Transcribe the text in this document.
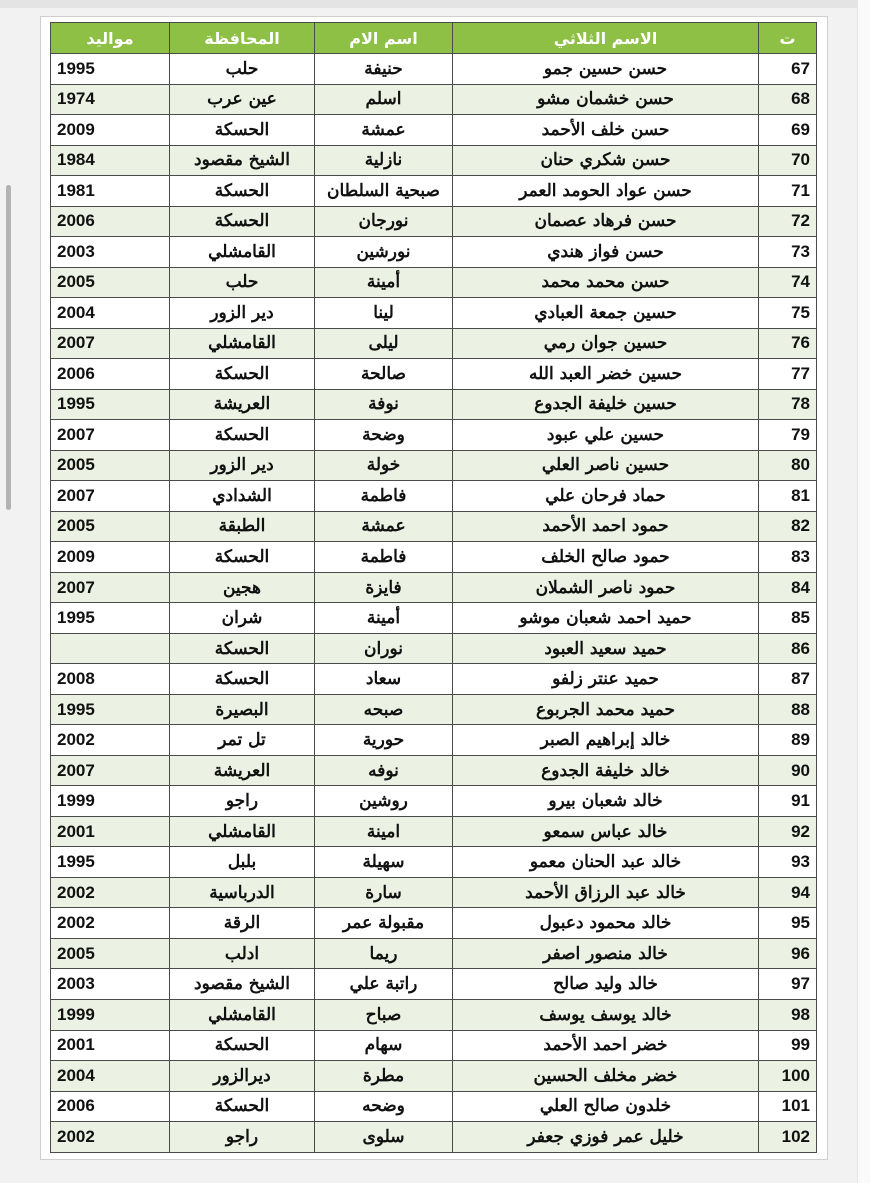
ت	الاسم الثلاثي	اسم الام	المحافظة	مواليد
67	حسن حسين جمو	حنيفة	حلب	1995
68	حسن خشمان مشو	اسلم	عين عرب	1974
69	حسن خلف الأحمد	عمشة	الحسكة	2009
70	حسن شكري حنان	نازلية	الشيخ مقصود	1984
71	حسن عواد الحومد العمر	صبحية السلطان	الحسكة	1981
72	حسن فرهاد عصمان	نورجان	الحسكة	2006
73	حسن فواز هندي	نورشين	القامشلي	2003
74	حسن محمد محمد	أمينة	حلب	2005
75	حسين جمعة العبادي	لينا	دير الزور	2004
76	حسين جوان رمي	ليلى	القامشلي	2007
77	حسين خضر العبد الله	صالحة	الحسكة	2006
78	حسين خليفة الجدوع	نوفة	العريشة	1995
79	حسين علي عبود	وضحة	الحسكة	2007
80	حسين ناصر العلي	خولة	دير الزور	2005
81	حماد فرحان علي	فاطمة	الشدادي	2007
82	حمود احمد الأحمد	عمشة	الطبقة	2005
83	حمود صالح الخلف	فاطمة	الحسكة	2009
84	حمود ناصر الشملان	فايزة	هجين	2007
85	حميد احمد شعبان موشو	أمينة	شران	1995
86	حميد سعيد العبود	نوران	الحسكة	
87	حميد عنتر زلفو	سعاد	الحسكة	2008
88	حميد محمد الجربوع	صبحه	البصيرة	1995
89	خالد إبراهيم الصبر	حورية	تل تمر	2002
90	خالد خليفة الجدوع	نوفه	العريشة	2007
91	خالد شعبان بيرو	روشين	راجو	1999
92	خالد عباس سمعو	امينة	القامشلي	2001
93	خالد عبد الحنان معمو	سهيلة	بلبل	1995
94	خالد عبد الرزاق الأحمد	سارة	الدرباسية	2002
95	خالد محمود دعبول	مقبولة عمر	الرقة	2002
96	خالد منصور اصفر	ريما	ادلب	2005
97	خالد وليد صالح	راتبة علي	الشيخ مقصود	2003
98	خالد يوسف يوسف	صباح	القامشلي	1999
99	خضر احمد الأحمد	سهام	الحسكة	2001
100	خضر مخلف الحسين	مطرة	ديرالزور	2004
101	خلدون صالح العلي	وضحه	الحسكة	2006
102	خليل عمر فوزي جعفر	سلوى	راجو	2002
